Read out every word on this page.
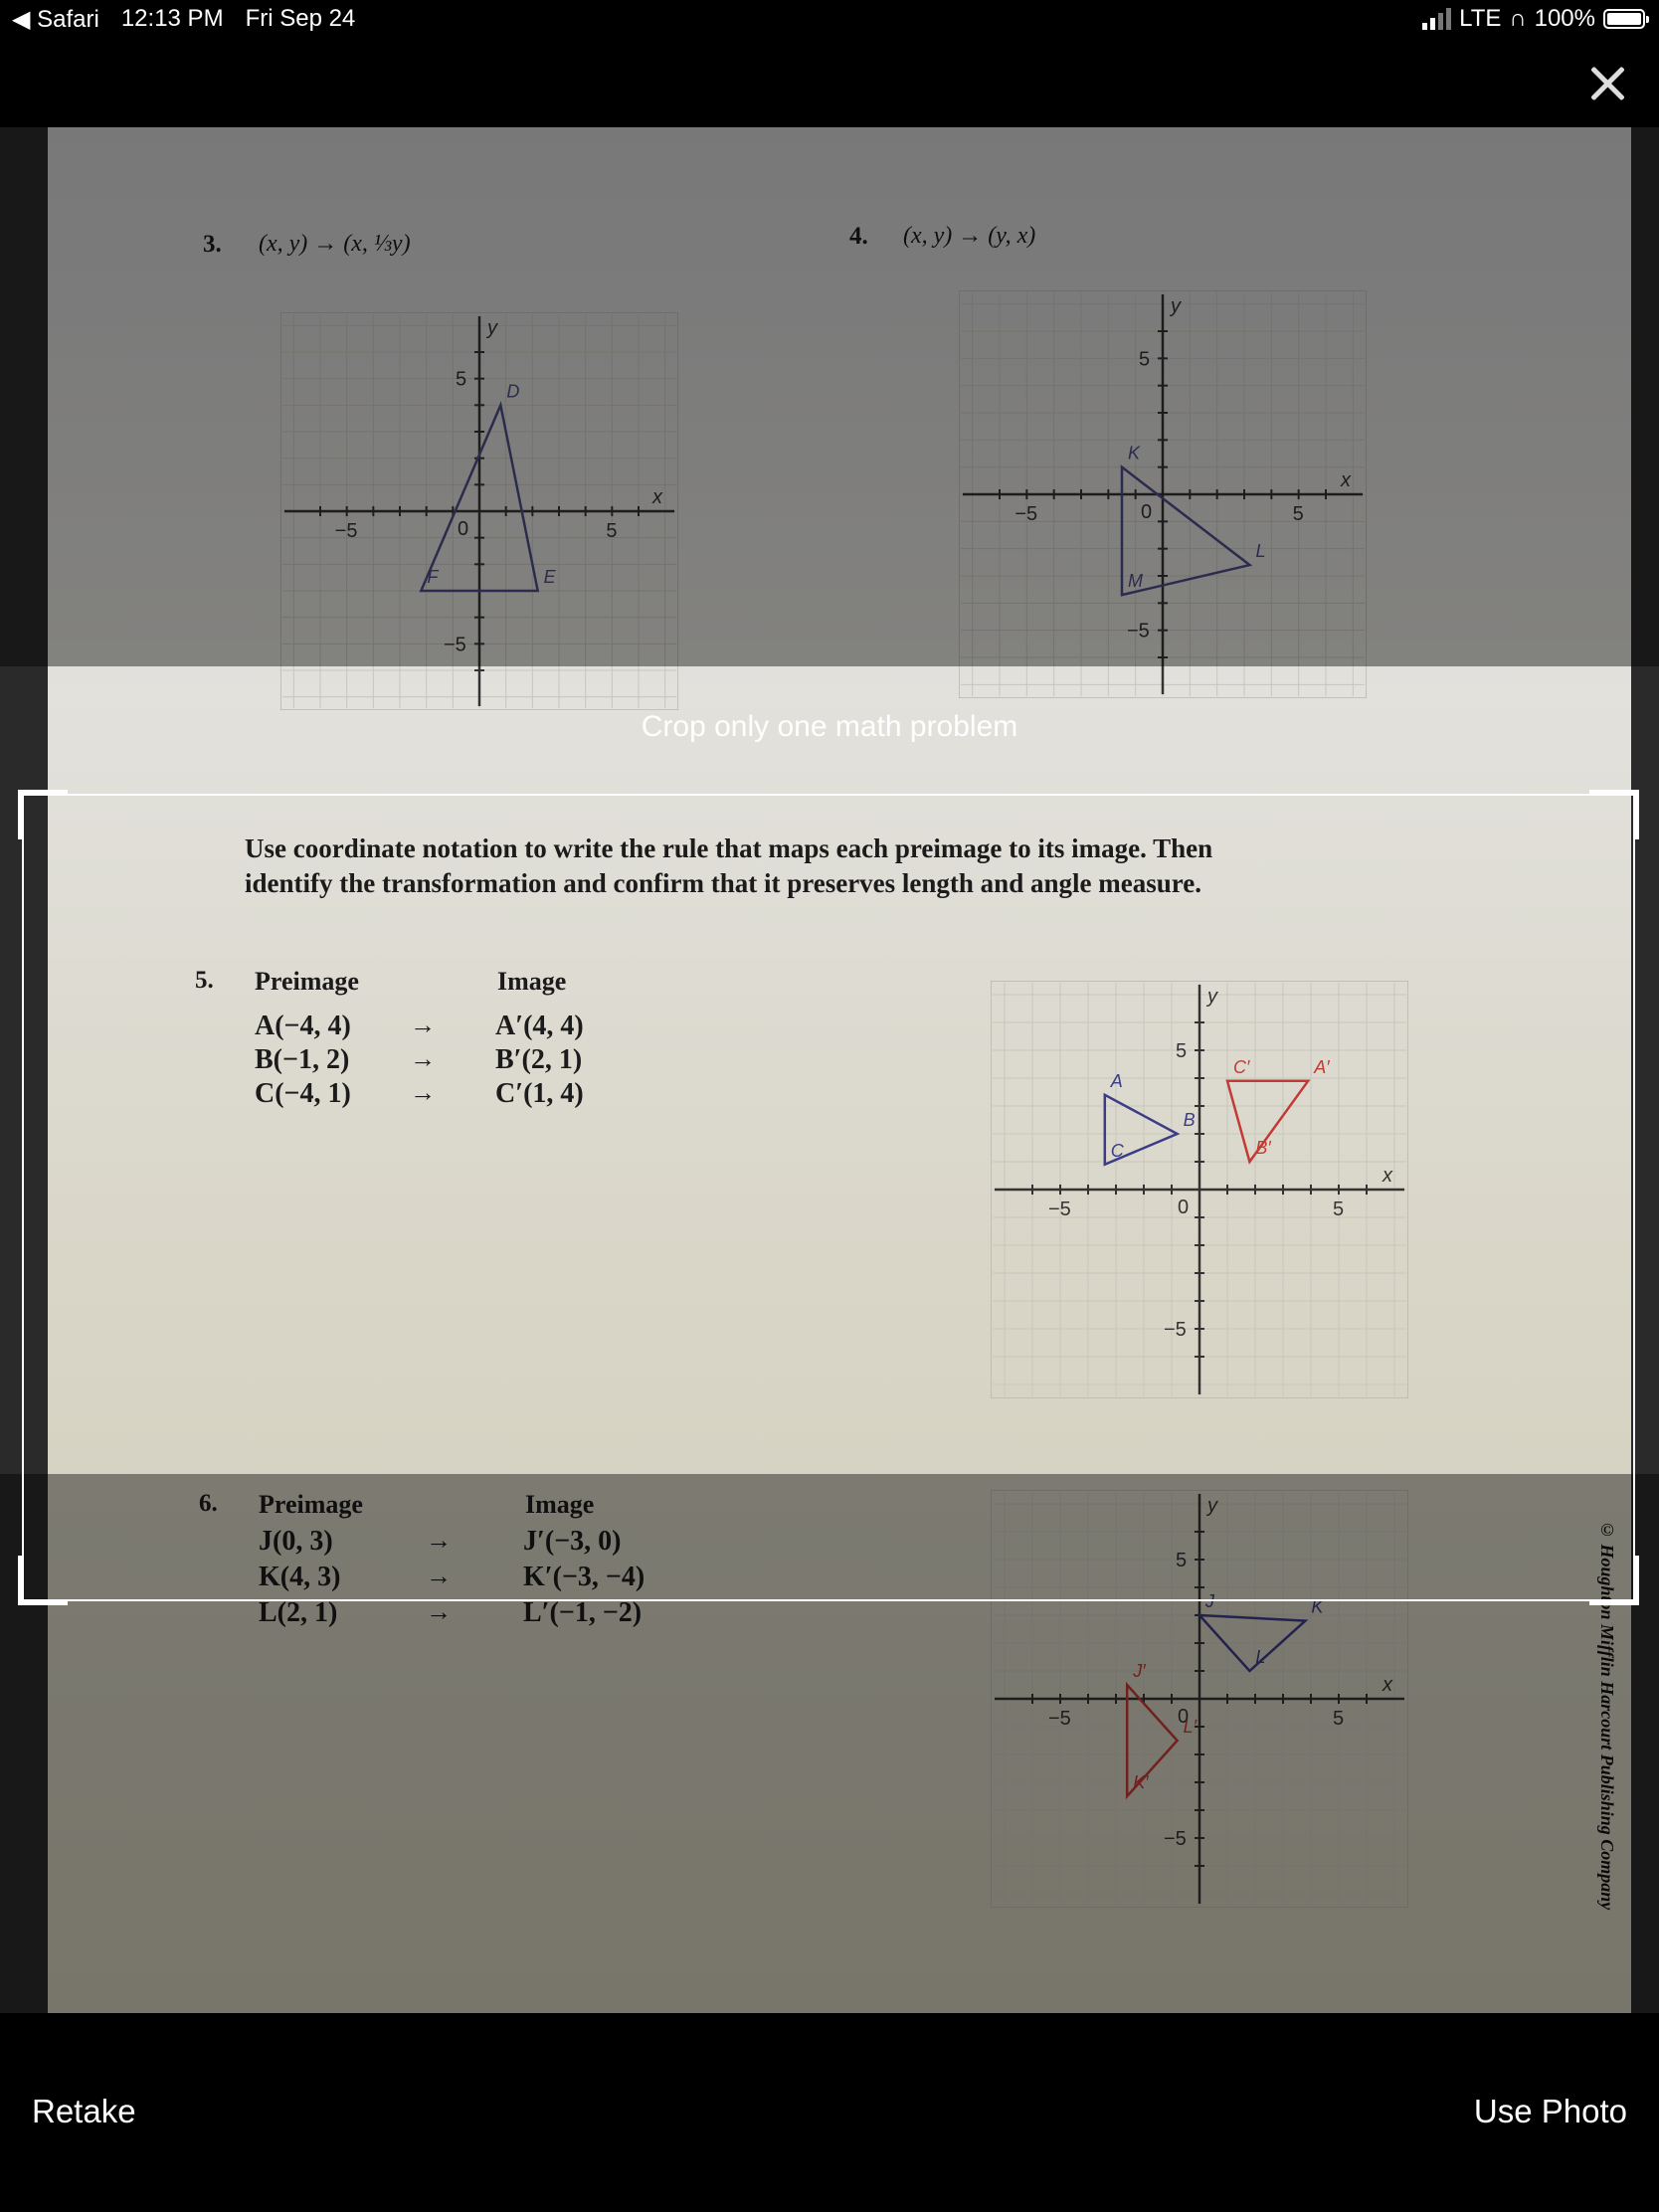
◀ Safari 12:13 PM Fri Sep 24	LTE ∩ 100%
3. (x, y) → (x, ⅓y)	4. (x, y) → (y, x)
−5	5
0
5
−5
x
y
D
E
F
−5	5
0
5
−5
x
y
K
L
M
Use coordinate notation to write the rule that maps each preimage to its image. Then identify the transformation and confirm that it preserves length and angle measure.
5. Preimage	Image
A(−4, 4) → A′(4, 4)
B(−1, 2) → B′(2, 1)
C(−4, 1) → C′(1, 4)
−5	5
0
5
−5
x
y
A
B
C
A′
B′
C′
6. Preimage	Image
J(0, 3)	→	J′(−3, 0)
K(4, 3)	→	K′(−3, −4)
L(2, 1)	→	L′(−1, −2)
−5	5
0
5
−5
x
y
J	K
L
J′
K′
L′	© Houghton Mifflin Harcourt Publishing Company
Crop only one math problem
Retake	Use Photo
